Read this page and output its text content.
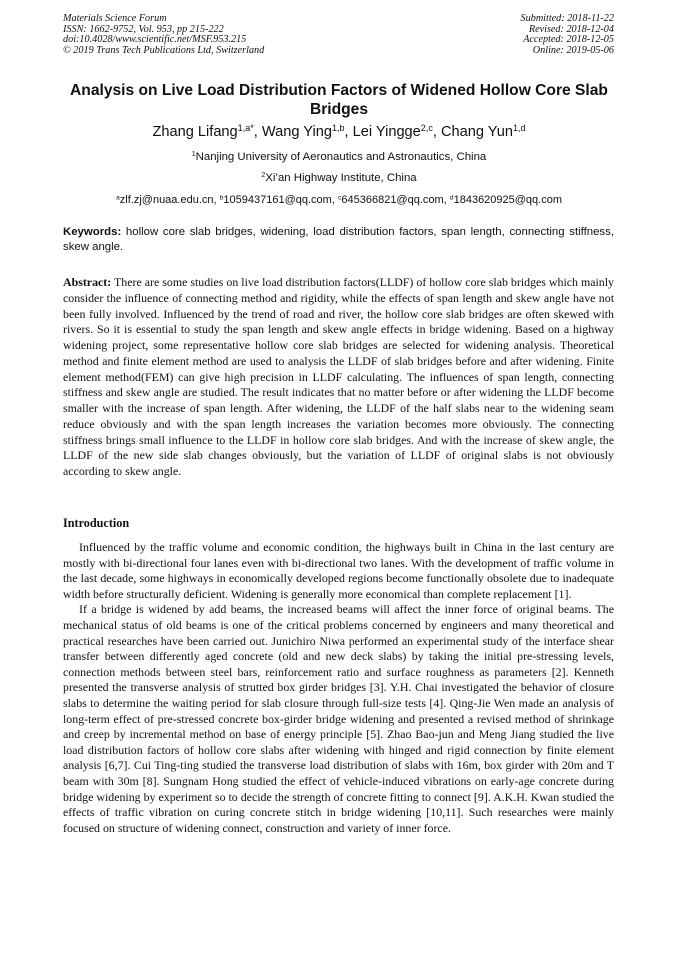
Materials Science Forum
ISSN: 1662-9752, Vol. 953, pp 215-222
doi:10.4028/www.scientific.net/MSF.953.215
© 2019 Trans Tech Publications Ltd, Switzerland
Submitted: 2018-11-22
Revised: 2018-12-04
Accepted: 2018-12-05
Online: 2019-05-06
Analysis on Live Load Distribution Factors of Widened Hollow Core Slab Bridges
Zhang Lifang$^{1,a*}$, Wang Ying$^{1,b}$, Lei Yingge$^{2,c}$, Chang Yun$^{1,d}$
$^1$Nanjing University of Aeronautics and Astronautics, China
$^2$Xi’an Highway Institute, China
$^a$zlf.zj@nuaa.edu.cn, $^b$1059437161@qq.com, $^c$645366821@qq.com, $^d$1843620925@qq.com
Keywords: hollow core slab bridges, widening, load distribution factors, span length, connecting stiffness, skew angle.
Abstract: There are some studies on live load distribution factors(LLDF) of hollow core slab bridges which mainly consider the influence of connecting method and rigidity, while the effects of span length and skew angle have not been fully involved. Influenced by the trend of road and river, the hollow core slab bridges are often skewed with rivers. So it is essential to study the span length and skew angle effects in bridge widening. Based on a highway widening project, some representative hollow core slab bridges are selected for widening analysis. Theoretical method and finite element method are used to analysis the LLDF of slab bridges before and after widening. Finite element method(FEM) can give high precision in LLDF calculating. The influences of span length, connecting stiffness and skew angle are studied. The result indicates that no matter before or after widening the LLDF become smaller with the increase of span length. After widening, the LLDF of the half slabs near to the widening seam reduce obviously and with the span length increases the variation becomes more obviously. The connecting stiffness brings small influence to the LLDF in hollow core slab bridges. And with the increase of skew angle, the LLDF of the new side slab changes obviously, but the variation of LLDF of original slabs is not obviously according to skew angle.
Introduction

Influenced by the traffic volume and economic condition, the highways built in China in the last century are mostly with bi-directional four lanes even with bi-directional two lanes. With the development of traffic volume in the last decade, some highways in economically developed regions become functionally obsolete due to inadequate width before structurally deficient. Widening is generally more economical than complete replacement [1].

If a bridge is widened by add beams, the increased beams will affect the inner force of original beams. The mechanical status of old beams is one of the critical problems concerned by engineers and many theoretical and practical researches have been carried out. Junichiro Niwa performed an experimental study of the interface shear transfer between differently aged concrete (old and new deck slabs) by taking the initial pre-stressing levels, connection methods between steel bars, reinforcement ratio and surface roughness as parameters [2]. Kenneth presented the transverse analysis of strutted box girder bridges [3]. Y.H. Chai investigated the behavior of closure slabs to determine the waiting period for slab closure through full-size tests [4]. Qing-Jie Wen made an analysis of long-term effect of pre-stressed concrete box-girder bridge widening and presented a revised method of shrinkage and creep by incremental method on base of energy principle [5]. Zhao Bao-jun and Meng Jiang studied the live load distribution factors of hollow core slabs after widening with hinged and rigid connection by finite element analysis [6,7]. Cui Ting-ting studied the transverse load distribution of slabs with 16m, box girder with 20m and T beam with 30m [8]. Sungnam Hong studied the effect of vehicle-induced vibrations on early-age concrete during bridge widening by experiment so to decide the strength of concrete fitting to connect [9]. A.K.H. Kwan studied the effects of traffic vibration on curing concrete stitch in bridge widening [10,11]. Such researches were mainly focused on structure of widening connect, construction and variety of inner force.
